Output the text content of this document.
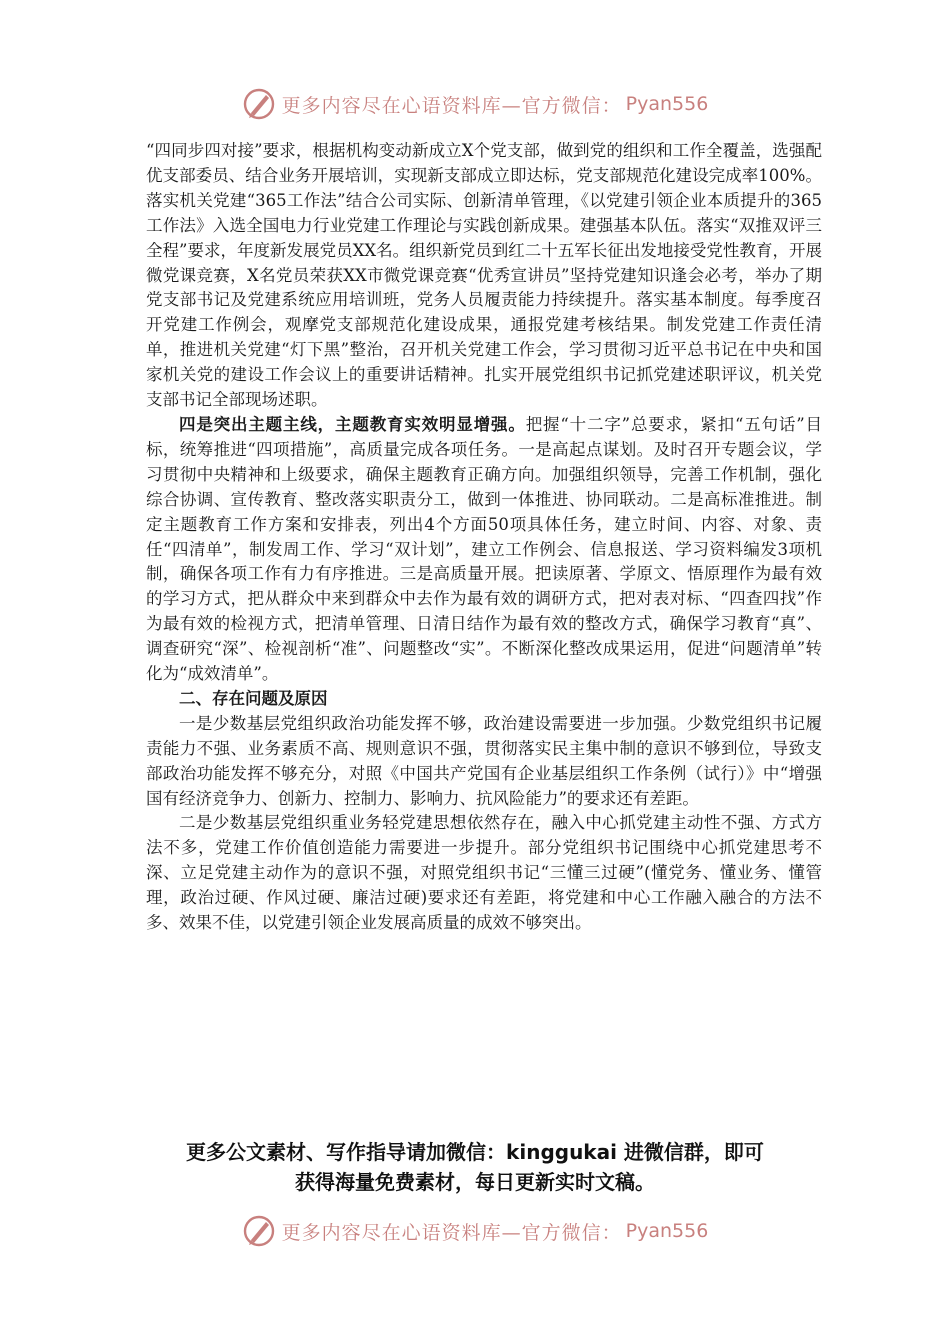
更多内容尽在心语资料库—官方微信： Pyan556

“四同步四对接”要求，根据机构变动新成立X个党支部，做到党的组织和工作全覆盖，选强配优支部委员、结合业务开展培训，实现新支部成立即达标，党支部规范化建设完成率100%。落实机关党建“365工作法”结合公司实际、创新清单管理，《以党建引领企业本质提升的365工作法》入选全国电力行业党建工作理论与实践创新成果。建强基本队伍。落实“双推双评三全程”要求，年度新发展党员XX名。组织新党员到红二十五军长征出发地接受党性教育，开展微党课竞赛，X名党员荣获XX市微党课竞赛“优秀宣讲员”坚持党建知识逢会必考，举办了期党支部书记及党建系统应用培训班，党务人员履责能力持续提升。落实基本制度。每季度召开党建工作例会，观摩党支部规范化建设成果，通报党建考核结果。制发党建工作责任清单，推进机关党建“灯下黑”整治，召开机关党建工作会，学习贯彻习近平总书记在中央和国家机关党的建设工作会议上的重要讲话精神。扎实开展党组织书记抓党建述职评议，机关党支部书记全部现场述职。

四是突出主题主线，主题教育实效明显增强。把握“十二字”总要求，紧扣“五句话”目标，统筹推进“四项措施”，高质量完成各项任务。一是高起点谋划。及时召开专题会议，学习贯彻中央精神和上级要求，确保主题教育正确方向。加强组织领导，完善工作机制，强化综合协调、宣传教育、整改落实职责分工，做到一体推进、协同联动。二是高标准推进。制定主题教育工作方案和安排表，列出4个方面50项具体任务，建立时间、内容、对象、责任“四清单”，制发周工作、学习“双计划”，建立工作例会、信息报送、学习资料编发3项机制，确保各项工作有力有序推进。三是高质量开展。把读原著、学原文、悟原理作为最有效的学习方式，把从群众中来到群众中去作为最有效的调研方式，把对表对标、“四查四找”作为最有效的检视方式，把清单管理、日清日结作为最有效的整改方式，确保学习教育“真”、调查研究“深”、检视剖析“准”、问题整改“实”。不断深化整改成果运用，促进“问题清单”转化为“成效清单”。

二、存在问题及原因

一是少数基层党组织政治功能发挥不够，政治建设需要进一步加强。少数党组织书记履责能力不强、业务素质不高、规则意识不强，贯彻落实民主集中制的意识不够到位，导致支部政治功能发挥不够充分，对照《中国共产党国有企业基层组织工作条例（试行）》中“增强国有经济竞争力、创新力、控制力、影响力、抗风险能力”的要求还有差距。

二是少数基层党组织重业务轻党建思想依然存在，融入中心抓党建主动性不强、方式方法不多，党建工作价值创造能力需要进一步提升。部分党组织书记围绕中心抓党建思考不深、立足党建主动作为的意识不强，对照党组织书记“三懂三过硬”(懂党务、懂业务、懂管理，政治过硬、作风过硬、廉洁过硬)要求还有差距，将党建和中心工作融入融合的方法不多、效果不佳，以党建引领企业发展高质量的成效不够突出。

更多公文素材、写作指导请加微信：kinggukai 进微信群，即可

获得海量免费素材，每日更新实时文稿。

更多内容尽在心语资料库—官方微信： Pyan556
